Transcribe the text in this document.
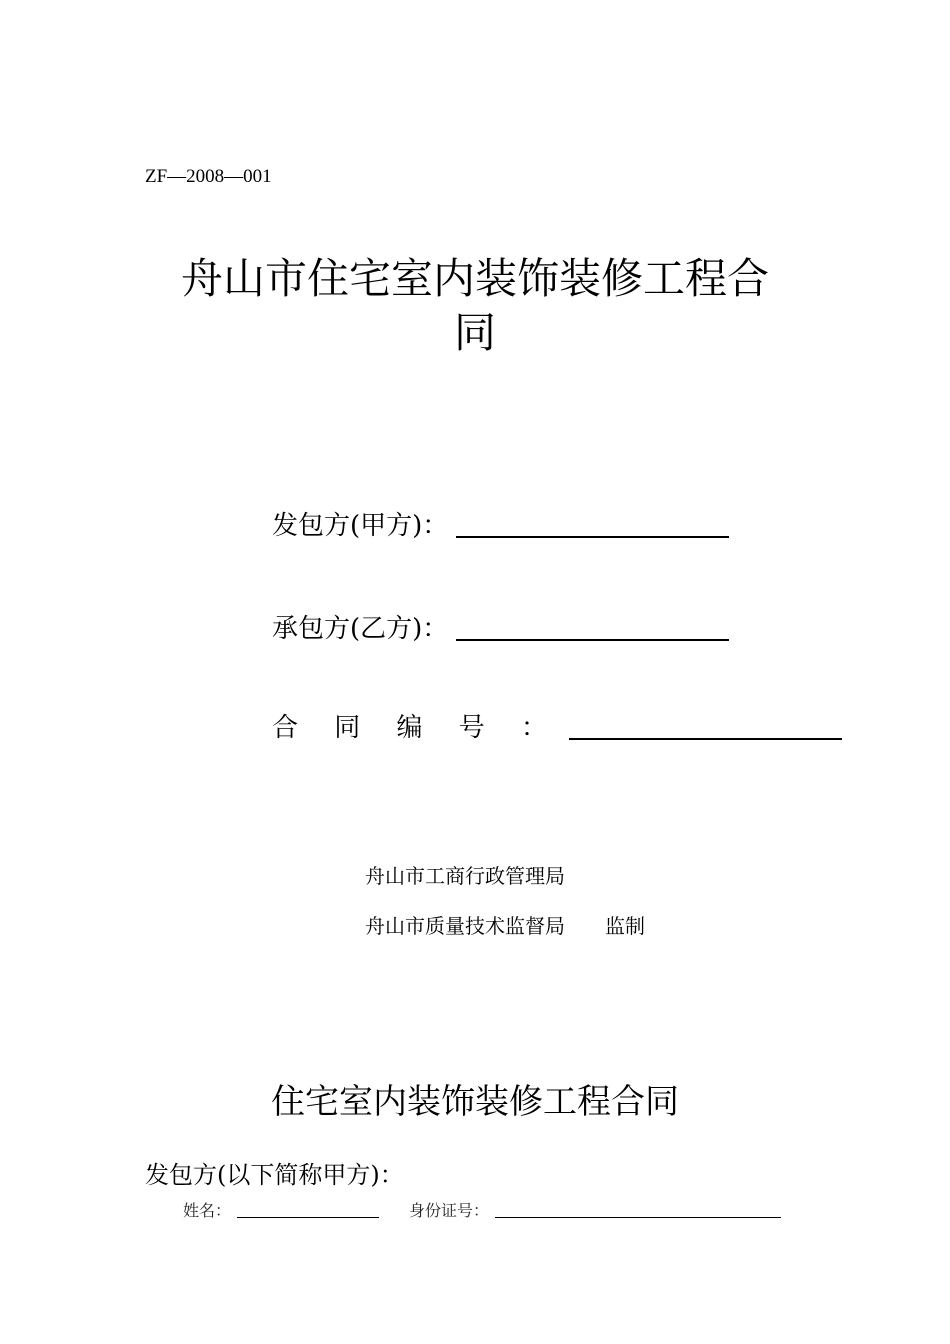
ZF—2008—001
舟山市住宅室内装饰装修工程合
同
发包方(甲方)：
承包方(乙方)：
合 同 编 号 ：
舟山市工商行政管理局
舟山市质量技术监督局 监制
住宅室内装饰装修工程合同
发包方(以下简称甲方)：
姓名：	身份证号：
